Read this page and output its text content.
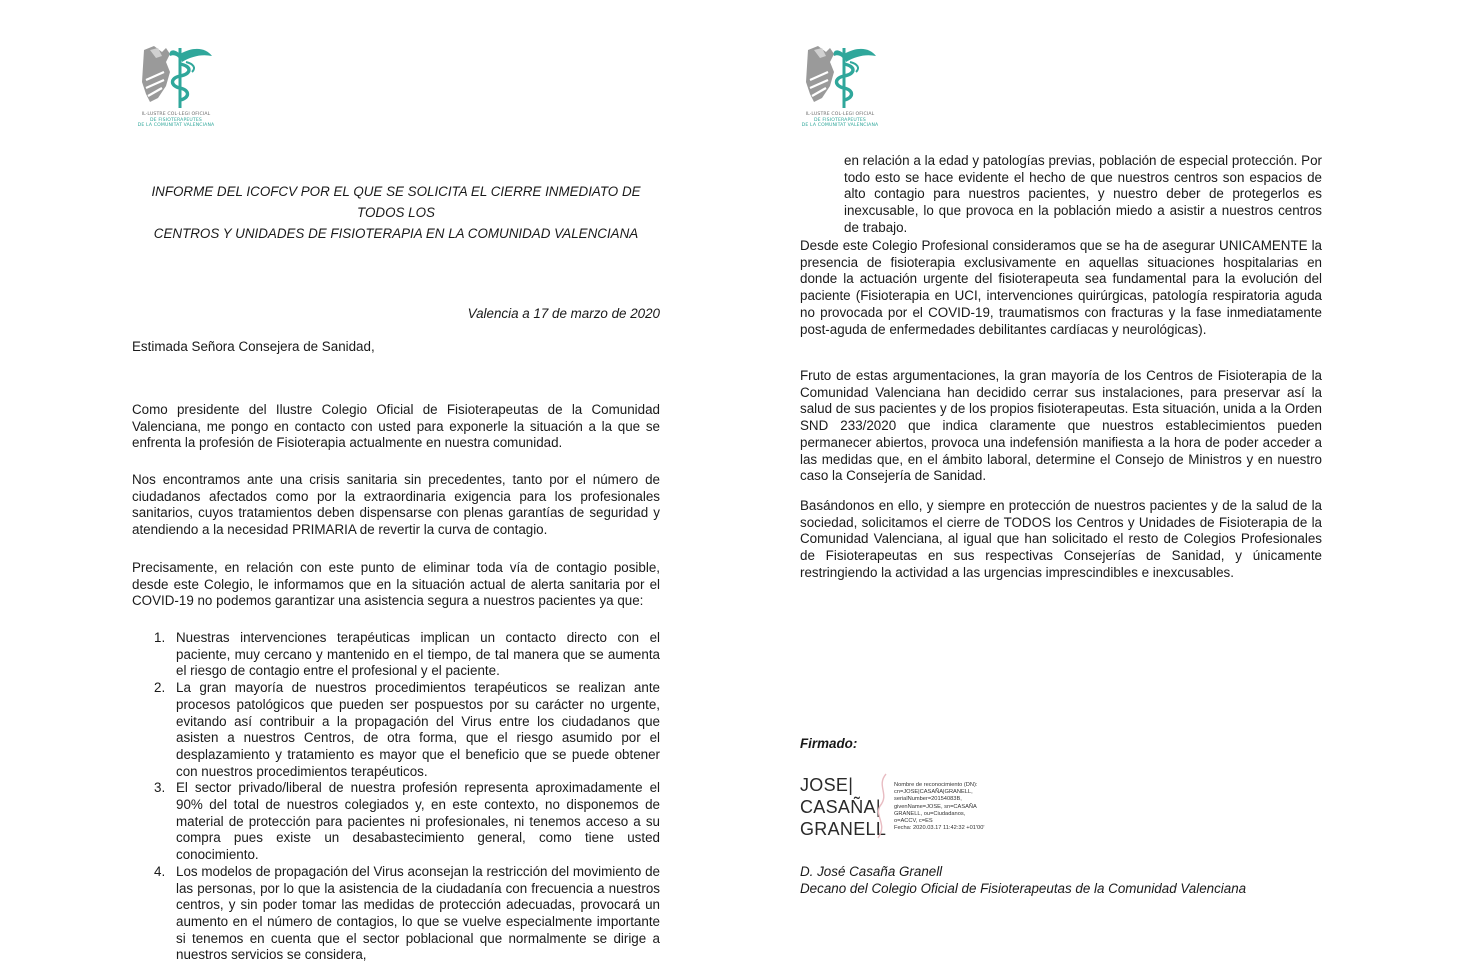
IL·LUSTRE COL·LEGI OFICIAL
DE FISIOTERAPEUTES
DE LA COMUNITAT VALENCIANA

INFORME DEL ICOFCV POR EL QUE SE SOLICITA EL CIERRE INMEDIATO DE TODOS LOS

CENTROS Y UNIDADES DE FISIOTERAPIA EN LA COMUNIDAD VALENCIANA

Valencia a 17 de marzo de 2020
Estimada Señora Consejera de Sanidad,

Como presidente del Ilustre Colegio Oficial de Fisioterapeutas de la Comunidad Valenciana, me pongo en contacto con usted para exponerle la situación a la que se enfrenta la profesión de Fisioterapia actualmente en nuestra comunidad.

Nos encontramos ante una crisis sanitaria sin precedentes, tanto por el número de ciudadanos afectados como por la extraordinaria exigencia para los profesionales sanitarios, cuyos tratamientos deben dispensarse con plenas garantías de seguridad y atendiendo a la necesidad PRIMARIA de revertir la curva de contagio.

Precisamente, en relación con este punto de eliminar toda vía de contagio posible, desde este Colegio, le informamos que en la situación actual de alerta sanitaria por el COVID-19 no podemos garantizar una asistencia segura a nuestros pacientes ya que:

1. Nuestras intervenciones terapéuticas implican un contacto directo con el paciente, muy cercano y mantenido en el tiempo, de tal manera que se aumenta el riesgo de contagio entre el profesional y el paciente.
2. La gran mayoría de nuestros procedimientos terapéuticos se realizan ante procesos patológicos que pueden ser pospuestos por su carácter no urgente, evitando así contribuir a la propagación del Virus entre los ciudadanos que asisten a nuestros Centros, de otra forma, que el riesgo asumido por el desplazamiento y tratamiento es mayor que el beneficio que se puede obtener con nuestros procedimientos terapéuticos.
3. El sector privado/liberal de nuestra profesión representa aproximadamente el 90% del total de nuestros colegiados y, en este contexto, no disponemos de material de protección para pacientes ni profesionales, ni tenemos acceso a su compra pues existe un desabastecimiento general, como tiene usted conocimiento.
4. Los modelos de propagación del Virus aconsejan la restricción del movimiento de las personas, por lo que la asistencia de la ciudadanía con frecuencia a nuestros centros, y sin poder tomar las medidas de protección adecuadas, provocará un aumento en el número de contagios, lo que se vuelve especialmente importante si tenemos en cuenta que el sector poblacional que normalmente se dirige a nuestros servicios se considera,
IL·LUSTRE COL·LEGI OFICIAL
DE FISIOTERAPEUTES
DE LA COMUNITAT VALENCIANA

en relación a la edad y patologías previas, población de especial protección. Por todo esto se hace evidente el hecho de que nuestros centros son espacios de alto contagio para nuestros pacientes, y nuestro deber de protegerlos es inexcusable, lo que provoca en la población miedo a asistir a nuestros centros de trabajo.

Desde este Colegio Profesional consideramos que se ha de asegurar UNICAMENTE la presencia de fisioterapia exclusivamente en aquellas situaciones hospitalarias en donde la actuación urgente del fisioterapeuta sea fundamental para la evolución del paciente (Fisioterapia en UCI, intervenciones quirúrgicas, patología respiratoria aguda no provocada por el COVID-19, traumatismos con fracturas y la fase inmediatamente post-aguda de enfermedades debilitantes cardíacas y neurológicas).

Fruto de estas argumentaciones, la gran mayoría de los Centros de Fisioterapia de la Comunidad Valenciana han decidido cerrar sus instalaciones, para preservar así la salud de sus pacientes y de los propios fisioterapeutas. Esta situación, unida a la Orden SND 233/2020 que indica claramente que nuestros establecimientos pueden permanecer abiertos, provoca una indefensión manifiesta a la hora de poder acceder a las medidas que, en el ámbito laboral, determine el Consejo de Ministros y en nuestro caso la Consejería de Sanidad.

Basándonos en ello, y siempre en protección de nuestros pacientes y de la salud de la sociedad, solicitamos el cierre de TODOS los Centros y Unidades de Fisioterapia de la Comunidad Valenciana, al igual que han solicitado el resto de Colegios Profesionales de Fisioterapeutas en sus respectivas Consejerías de Sanidad, y únicamente restringiendo la actividad a las urgencias imprescindibles e inexcusables.

Firmado:
JOSE|
CASAÑA|
GRANELL
Nombre de reconocimiento (DN):
cn=JOSE|CASAÑA|GRANELL,
serialNumber=20154083B,
givenName=JOSE, sn=CASAÑA
GRANELL, ou=Ciudadanos,
o=ACCV, c=ES
Fecha: 2020.03.17 11:42:32 +01'00'
D. José Casaña Granell
Decano del Colegio Oficial de Fisioterapeutas de la Comunidad Valenciana
